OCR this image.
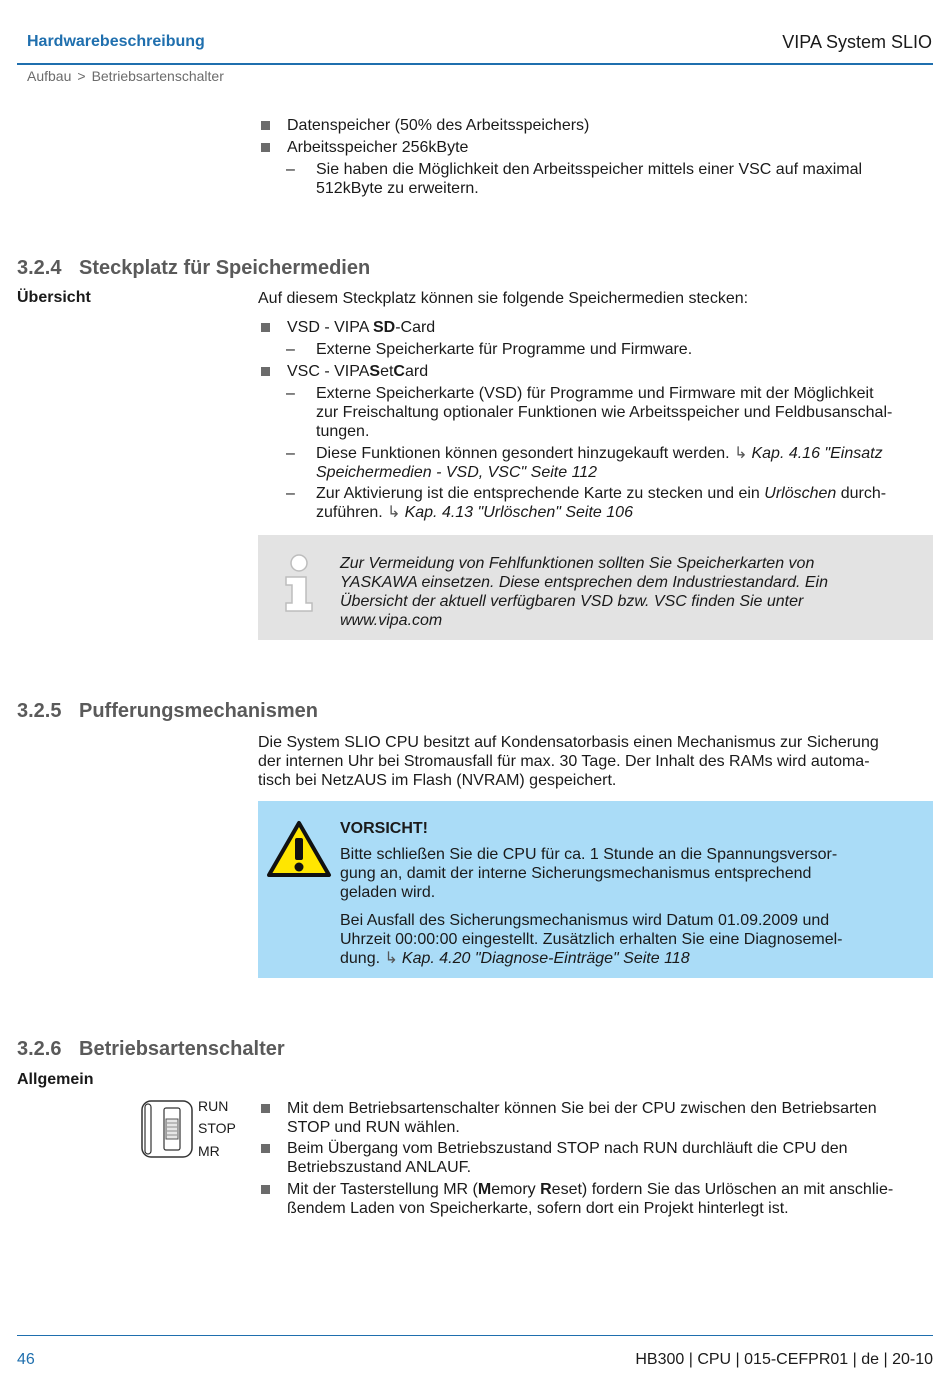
Hardwarebeschreibung	VIPA System SLIO
Aufbau > Betriebsartenschalter
Datenspeicher (50% des Arbeitsspeichers)
Arbeitsspeicher 256kByte
– Sie haben die Möglichkeit den Arbeitsspeicher mittels einer VSC auf maximal
512kByte zu erweitern.
3.2.4 Steckplatz für Speichermedien
Übersicht	Auf diesem Steckplatz können sie folgende Speichermedien stecken:
VSD - VIPA SD-Card
– Externe Speicherkarte für Programme und Firmware.
VSC - VIPASetCard
– Externe Speicherkarte (VSD) für Programme und Firmware mit der Möglichkeit
zur Freischaltung optionaler Funktionen wie Arbeitsspeicher und Feldbusanschal-
tungen.
– Diese Funktionen können gesondert hinzugekauft werden. ↳ Kap. 4.16 "Einsatz
Speichermedien - VSD, VSC" Seite 112
– Zur Aktivierung ist die entsprechende Karte zu stecken und ein Urlöschen durch-
zuführen. ↳ Kap. 4.13 "Urlöschen" Seite 106
Zur Vermeidung von Fehlfunktionen sollten Sie Speicherkarten von
YASKAWA einsetzen. Diese entsprechen dem Industriestandard. Ein
Übersicht der aktuell verfügbaren VSD bzw. VSC finden Sie unter
www.vipa.com
3.2.5 Pufferungsmechanismen
Die System SLIO CPU besitzt auf Kondensatorbasis einen Mechanismus zur Sicherung
der internen Uhr bei Stromausfall für max. 30 Tage. Der Inhalt des RAMs wird automa-
tisch bei NetzAUS im Flash (NVRAM) gespeichert.
VORSICHT!
Bitte schließen Sie die CPU für ca. 1 Stunde an die Spannungsversor-
gung an, damit der interne Sicherungsmechanismus entsprechend
geladen wird.
Bei Ausfall des Sicherungsmechanismus wird Datum 01.09.2009 und
Uhrzeit 00:00:00 eingestellt. Zusätzlich erhalten Sie eine Diagnosemel-
dung. ↳ Kap. 4.20 "Diagnose-Einträge" Seite 118
3.2.6 Betriebsartenschalter
Allgemein
RUN
STOP
MR
Mit dem Betriebsartenschalter können Sie bei der CPU zwischen den Betriebsarten
STOP und RUN wählen.
Beim Übergang vom Betriebszustand STOP nach RUN durchläuft die CPU den
Betriebszustand ANLAUF.
Mit der Tasterstellung MR (Memory Reset) fordern Sie das Urlöschen an mit anschlie-
ßendem Laden von Speicherkarte, sofern dort ein Projekt hinterlegt ist.
46	HB300 | CPU | 015-CEFPR01 | de | 20-10
